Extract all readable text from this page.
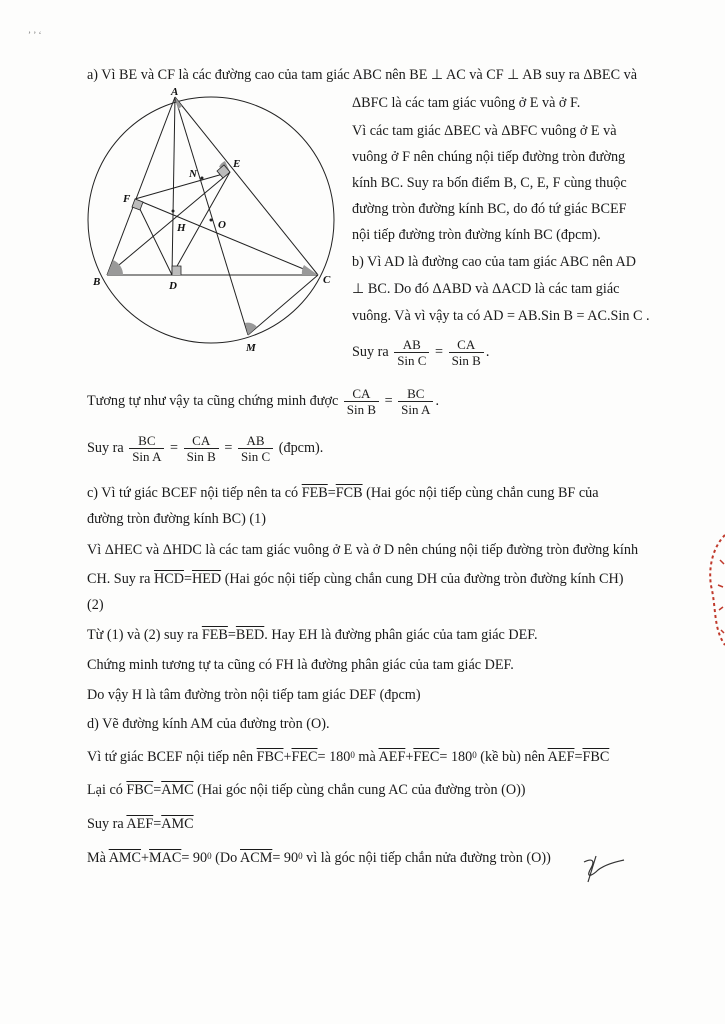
ʼ ʼ ʻ
A
E
N
F
O
H
B	D	C
M
a) Vì BE và CF là các đường cao của tam giác ABC nên BE ⊥ AC và CF ⊥ AB suy ra ΔBEC và
ΔBFC là các tam giác vuông ở E và ở F.
Vì các tam giác ΔBEC và ΔBFC vuông ở E và
vuông ở F nên chúng nội tiếp đường tròn đường
kính BC. Suy ra bốn điểm B, C, E, F cùng thuộc
đường tròn đường kính BC, do đó tứ giác BCEF
nội tiếp đường tròn đường kính BC (đpcm).
b) Vì AD là đường cao của tam giác ABC nên AD
⊥ BC. Do đó ΔABD và ΔACD là các tam giác
vuông. Và vì vậy ta có AD = AB.Sin B = AC.Sin C .
Suy ra $\frac{AB}{\text{Sin C}} = \frac{CA}{\text{Sin B}}$ .
Tương tự như vậy ta cũng chứng minh được $\frac{CA}{\text{Sin B}} = \frac{BC}{\text{Sin A}}$ .
Suy ra $\frac{BC}{\text{Sin A}} = \frac{CA}{\text{Sin B}} = \frac{AB}{\text{Sin C}}$ (đpcm).
c) Vì tứ giác BCEF nội tiếp nên ta có $\overline{FEB}=\overline{FCB}$ (Hai góc nội tiếp cùng chắn cung BF của
đường tròn đường kính BC) (1)
Vì ΔHEC và ΔHDC là các tam giác vuông ở E và ở D nên chúng nội tiếp đường tròn đường kính
CH. Suy ra $\overline{HCD}=\overline{HED}$ (Hai góc nội tiếp cùng chắn cung DH của đường tròn đường kính CH)
(2)
Từ (1) và (2) suy ra $\overline{FEB}=\overline{BED}$. Hay EH là đường phân giác của tam giác DEF.
Chứng minh tương tự ta cũng có FH là đường phân giác của tam giác DEF.
Do vậy H là tâm đường tròn nội tiếp tam giác DEF (đpcm)
d) Vẽ đường kính AM của đường tròn (O).
Vì tứ giác BCEF nội tiếp nên $\overline{FBC}+\overline{FEC}= 180^0$ mà $\overline{AEF}+\overline{FEC}= 180^0$ (kề bù) nên $\overline{AEF}=\overline{FBC}$
Lại có $\overline{FBC}=\overline{AMC}$ (Hai góc nội tiếp cùng chắn cung AC của đường tròn (O))
Suy ra $\overline{AEF}=\overline{AMC}$
Mà $\overline{AMC}+\overline{MAC}= 90^0$ (Do $\overline{ACM}= 90^0$ vì là góc nội tiếp chắn nửa đường tròn (O))
